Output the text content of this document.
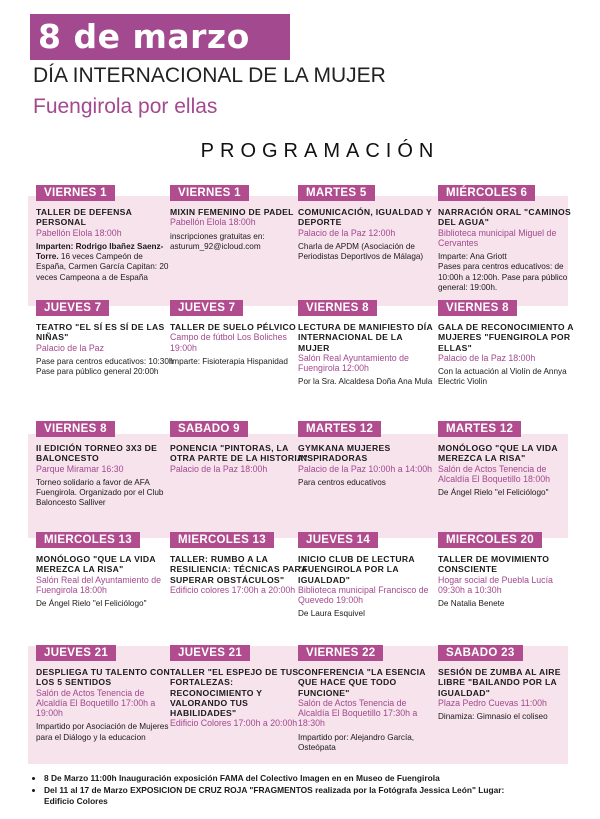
8 de marzo
DÍA INTERNACIONAL DE LA MUJER
Fuengirola por ellas
PROGRAMACIÓN
VIERNES 1
TALLER DE DEFENSA PERSONAL
Pabellón Elola 18:00h
Imparten: Rodrigo Ibañez Saenz-Torre. 16 veces Campeón de España, Carmen García Capitan: 20 veces Campeona a de España
VIERNES 1
MIXIN FEMENINO DE PADEL
Pabellón Elola 18:00h
inscripciones gratuitas en: asturum_92@icloud.com
MARTES 5
COMUNICACIÓN, IGUALDAD Y DEPORTE
Palacio de la Paz 12:00h
Charla de APDM (Asociación de Periodistas Deportivos de Málaga)
MIÉRCOLES 6
NARRACIÓN ORAL "CAMINOS DEL AGUA"
Biblioteca municipal Miguel de Cervantes
Imparte: Ana Griott
Pases para centros educativos: de 10:00h a 12:00h. Pase para público general: 19:00h.
JUEVES 7
TEATRO "EL SÍ ES SÍ DE LAS NIÑAS"
Palacio de la Paz
Pase para centros educativos: 10:30h
Pase para público general 20:00h
JUEVES 7
TALLER DE SUELO PÉLVICO
Campo de fútbol Los Boliches 19:00h
Imparte: Fisioterapia Hispanidad
VIERNES 8
LECTURA DE MANIFIESTO DÍA INTERNACIONAL DE LA MUJER
Salón Real Ayuntamiento de Fuengirola 12:00h
Por la Sra. Alcaldesa Doña Ana Mula
VIERNES 8
GALA DE RECONOCIMIENTO A MUJERES "FUENGIROLA POR ELLAS"
Palacio de la Paz 18:00h
Con la actuación al Violín de Annya Electric Violin
VIERNES 8
II EDICIÓN TORNEO 3X3 DE BALONCESTO
Parque Miramar 16:30
Torneo solidario a favor de AFA Fuengirola. Organizado por el Club Baloncesto Salliver
SABADO 9
PONENCIA "PINTORAS, LA OTRA PARTE DE LA HISTORIA"
Palacio de la Paz 18:00h
MARTES 12
GYMKANA MUJERES INSPIRADORAS
Palacio de la Paz 10:00h a 14:00h
Para centros educativos
MARTES 12
MONÓLOGO "QUE LA VIDA MEREZCA LA RISA"
Salón de Actos Tenencia de Alcaldía El Boquetillo 18:00h
De Ángel Rielo "el Feliciólogo"
MIERCOLES 13
MONÓLOGO "QUE LA VIDA MEREZCA LA RISA"
Salón Real del Ayuntamiento de Fuengirola 18:00h
De Ángel Rielo "el Feliciólogo"
MIERCOLES 13
TALLER: RUMBO A LA RESILIENCIA: TÉCNICAS PARA SUPERAR OBSTÁCULOS"
Edificio colores 17:00h a 20:00h
JUEVES 14
INICIO CLUB DE LECTURA "FUENGIROLA POR LA IGUALDAD"
Biblioteca municipal Francisco de Quevedo 19:00h
De Laura Esquivel
MIERCOLES 20
TALLER DE MOVIMIENTO CONSCIENTE
Hogar social de Puebla Lucía 09:30h a 10:30h
De Natalia Benete
JUEVES 21
DESPLIEGA TU TALENTO CON LOS 5 SENTIDOS
Salón de Actos Tenencia de Alcaldía El Boquetillo 17:00h a 19:00h
Impartido por Asociación de Mujeres para el Diálogo y la educacion
JUEVES 21
TALLER "EL ESPEJO DE TUS FORTALEZAS: RECONOCIMIENTO Y VALORANDO TUS HABILIDADES"
Edificio Colores 17:00h a 20:00h
VIERNES 22
CONFERENCIA "LA ESENCIA QUE HACE QUE TODO FUNCIONE"
Salón de Actos Tenencia de Alcaldía El Boquetillo 17:30h a 18:30h
Impartido por: Alejandro García, Osteópata
SABADO 23
SESIÓN DE ZUMBA AL AIRE LIBRE "BAILANDO POR LA IGUALDAD"
Plaza Pedro Cuevas 11:00h
Dinamiza: Gimnasio el coliseo
• 8 De Marzo 11:00h Inauguración exposición FAMA del Colectivo Imagen en en Museo de Fuengirola
• Del 11 al 17 de Marzo EXPOSICION DE CRUZ ROJA "FRAGMENTOS realizada por la Fotógrafa Jessica León" Lugar: Edificio Colores
